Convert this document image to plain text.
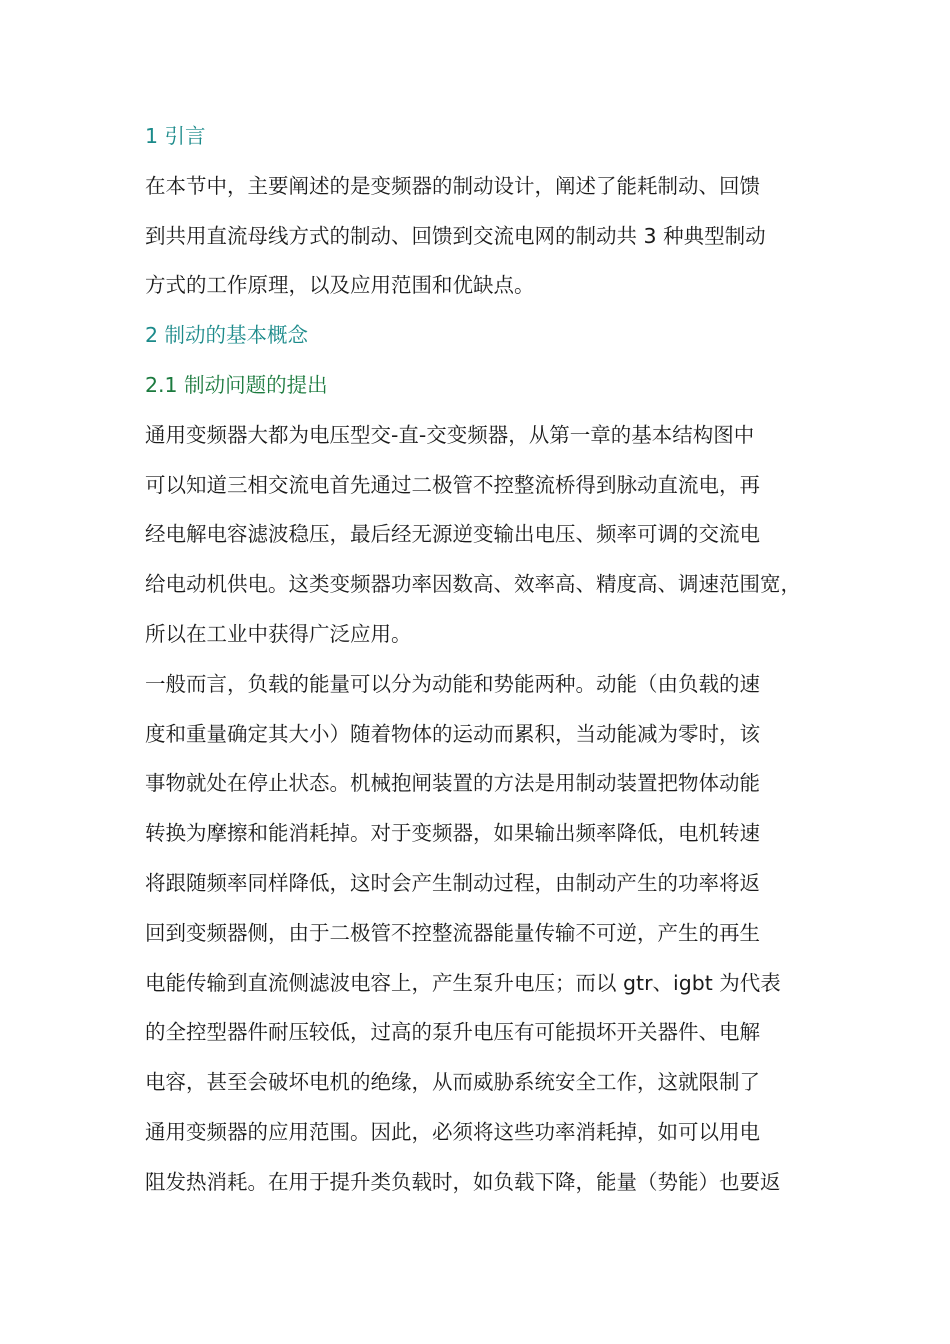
1 引言
在本节中，主要阐述的是变频器的制动设计，阐述了能耗制动、回馈
到共用直流母线方式的制动、回馈到交流电网的制动共 3 种典型制动
方式的工作原理，以及应用范围和优缺点。
2 制动的基本概念
2.1 制动问题的提出
通用变频器大都为电压型交-直-交变频器，从第一章的基本结构图中
可以知道三相交流电首先通过二极管不控整流桥得到脉动直流电，再
经电解电容滤波稳压，最后经无源逆变输出电压、频率可调的交流电
给电动机供电。这类变频器功率因数高、效率高、精度高、调速范围宽，
所以在工业中获得广泛应用。
一般而言，负载的能量可以分为动能和势能两种。动能（由负载的速
度和重量确定其大小）随着物体的运动而累积，当动能减为零时，该
事物就处在停止状态。机械抱闸装置的方法是用制动装置把物体动能
转换为摩擦和能消耗掉。对于变频器，如果输出频率降低，电机转速
将跟随频率同样降低，这时会产生制动过程，由制动产生的功率将返
回到变频器侧，由于二极管不控整流器能量传输不可逆，产生的再生
电能传输到直流侧滤波电容上，产生泵升电压；而以 gtr、igbt 为代表
的全控型器件耐压较低，过高的泵升电压有可能损坏开关器件、电解
电容，甚至会破坏电机的绝缘，从而威胁系统安全工作，这就限制了
通用变频器的应用范围。因此，必须将这些功率消耗掉，如可以用电
阻发热消耗。在用于提升类负载时，如负载下降，能量（势能）也要返
